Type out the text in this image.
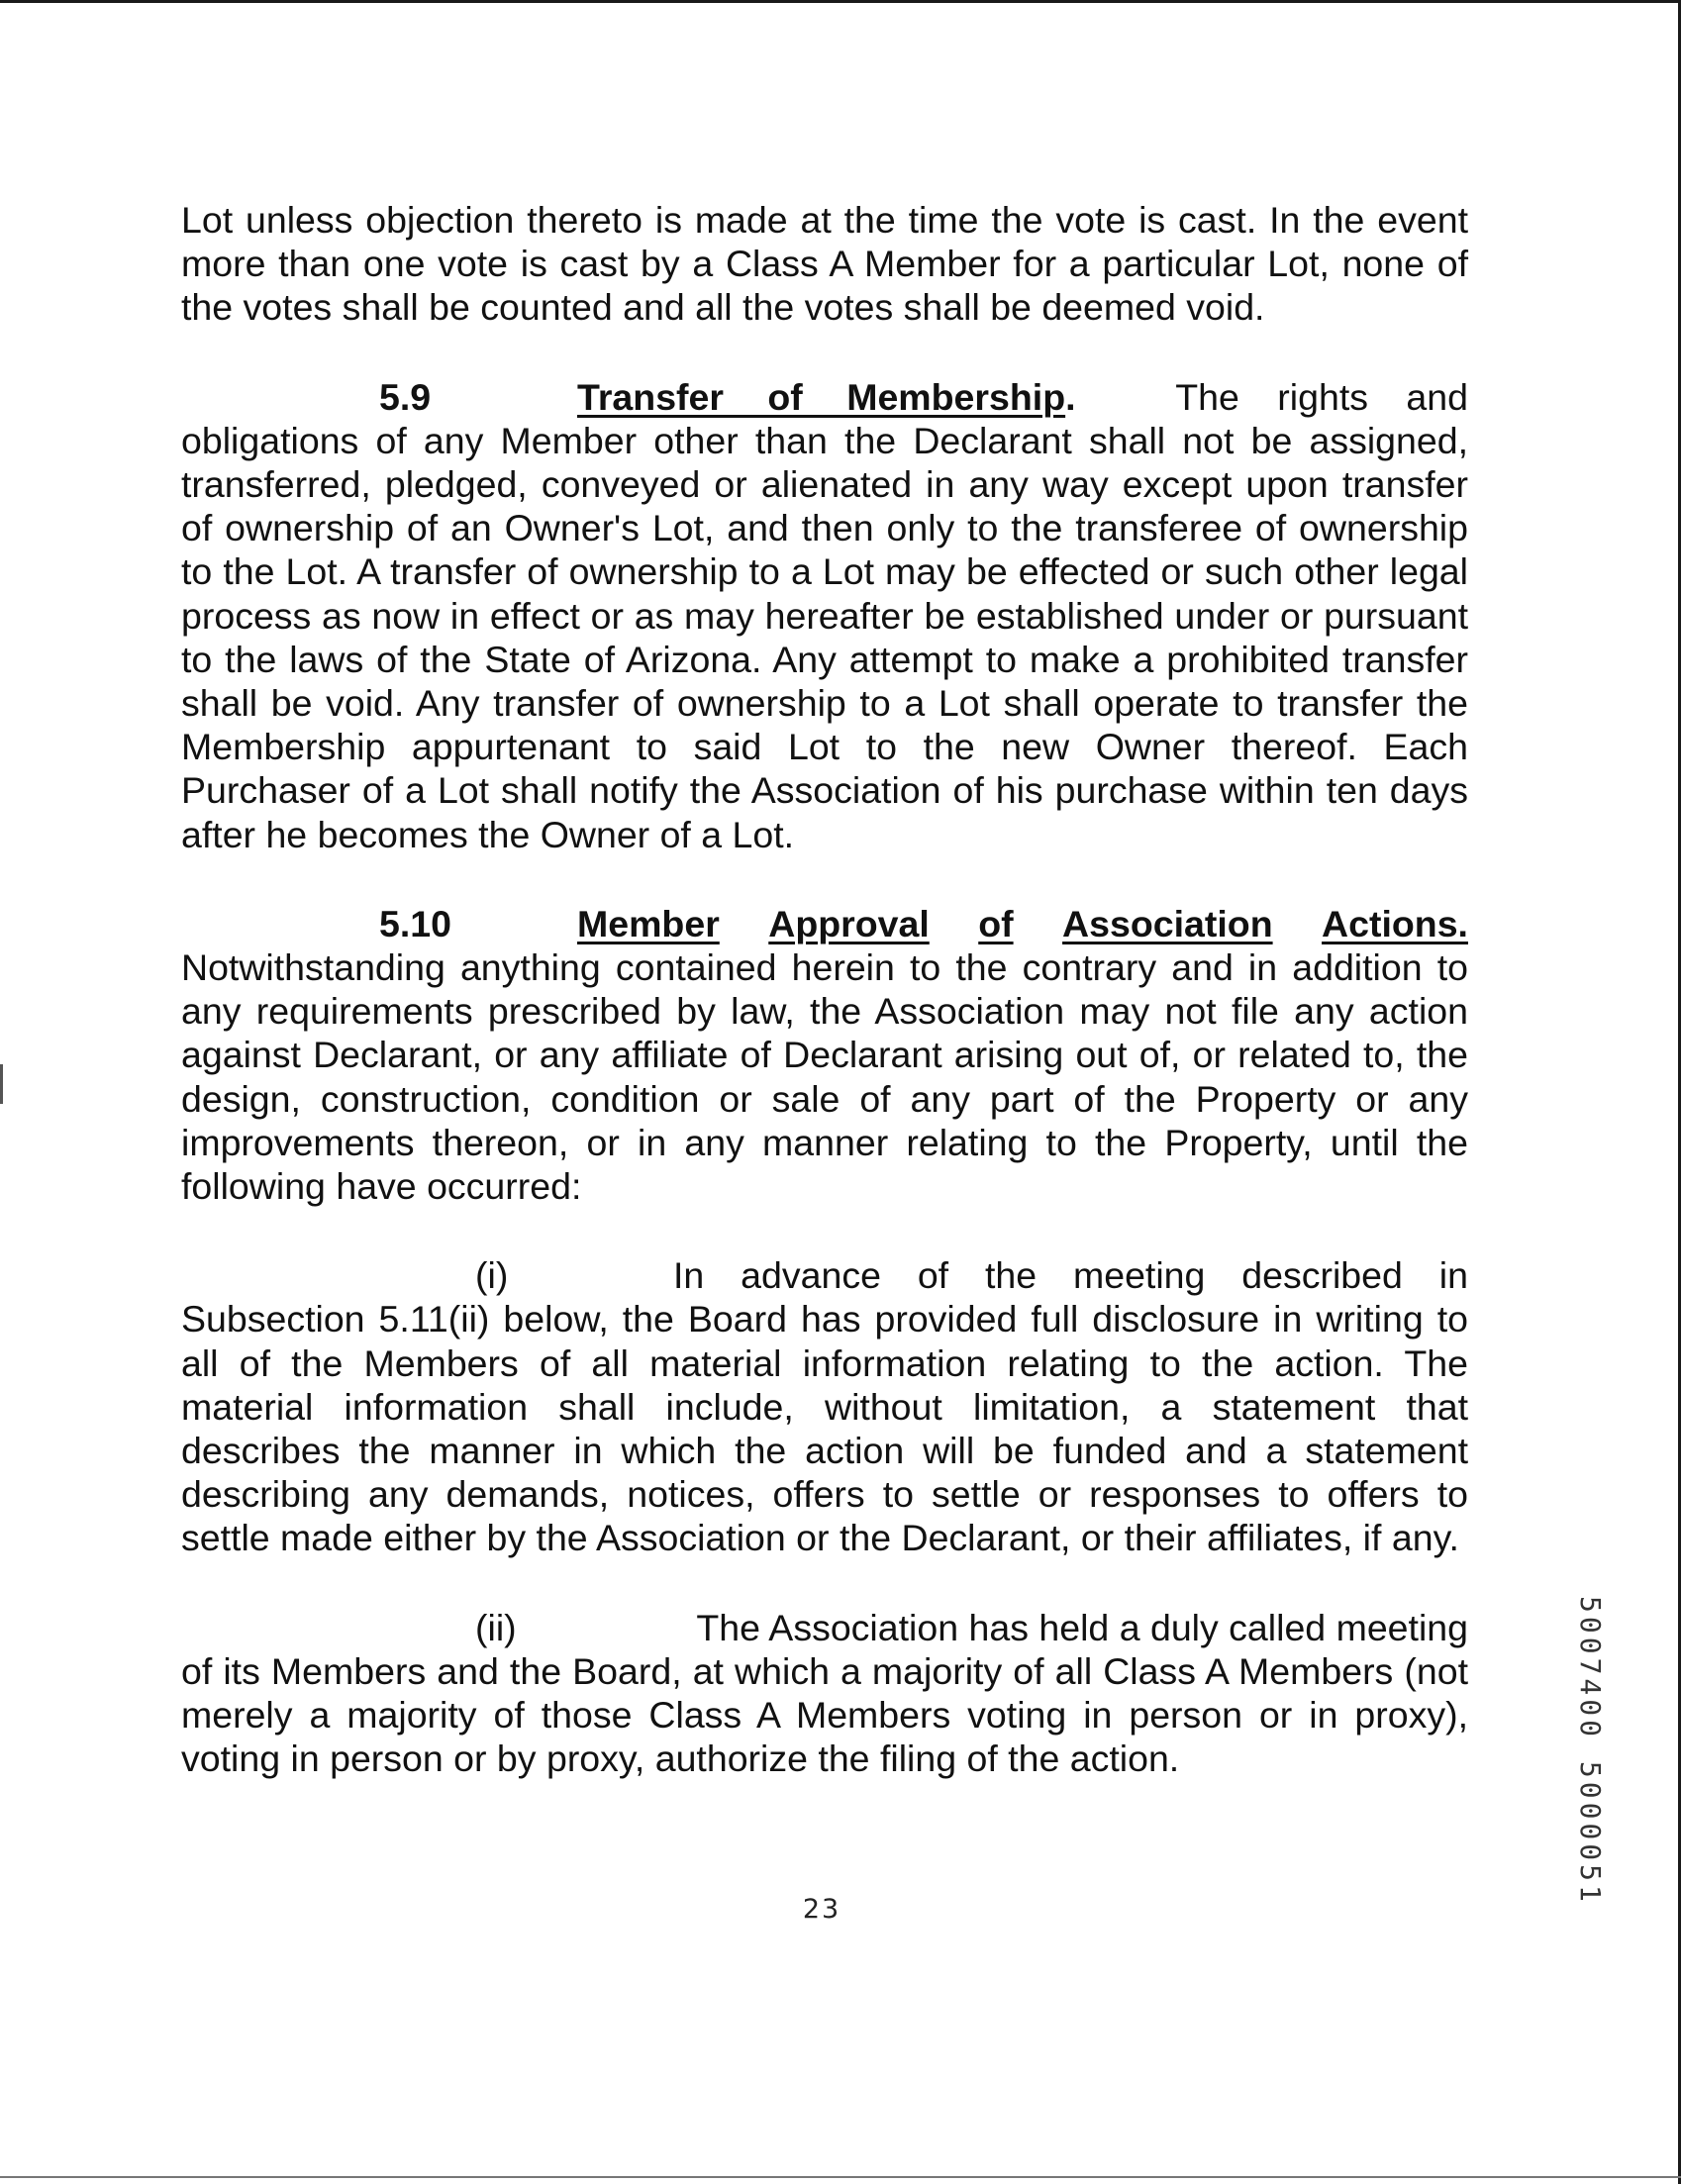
Lot unless objection thereto is made at the time the vote is cast. In the event more than one vote is cast by a Class A Member for a particular Lot, none of the votes shall be counted and all the votes shall be deemed void.

5.9	Transfer of Membership .	The rights and

obligations of any Member other than the Declarant shall not be assigned, transferred, pledged, conveyed or alienated in any way except upon transfer of ownership of an Owner's Lot, and then only to the transferee of ownership to the Lot. A transfer of ownership to a Lot may be effected or such other legal process as now in effect or as may hereafter be established under or pursuant to the laws of the State of Arizona. Any attempt to make a prohibited transfer shall be void. Any transfer of ownership to a Lot shall operate to transfer the Membership appurtenant to said Lot to the new Owner thereof. Each Purchaser of a Lot shall notify the Association of his purchase within ten days after he becomes the Owner of a Lot.

5.10	Member Approval of Association Actions.

Notwithstanding anything contained herein to the contrary and in addition to any requirements prescribed by law, the Association may not file any action against Declarant, or any affiliate of Declarant arising out of, or related to, the design, construction, condition or sale of any part of the Property or any improvements thereon, or in any manner relating to the Property, until the following have occurred:

(i)	In advance of the meeting described in

Subsection 5.11(ii) below, the Board has provided full disclosure in writing to all of the Members of all material information relating to the action. The material information shall include, without limitation, a statement that describes the manner in which the action will be funded and a statement describing any demands, notices, offers to settle or responses to offers to settle made either by the Association or the Declarant, or their affiliates, if any.

(ii)	The Association has held a duly called meeting

of its Members and the Board, at which a majority of all Class A Members (not merely a majority of those Class A Members voting in person or in proxy), voting in person or by proxy, authorize the filing of the action.

23
5007400 5000051
